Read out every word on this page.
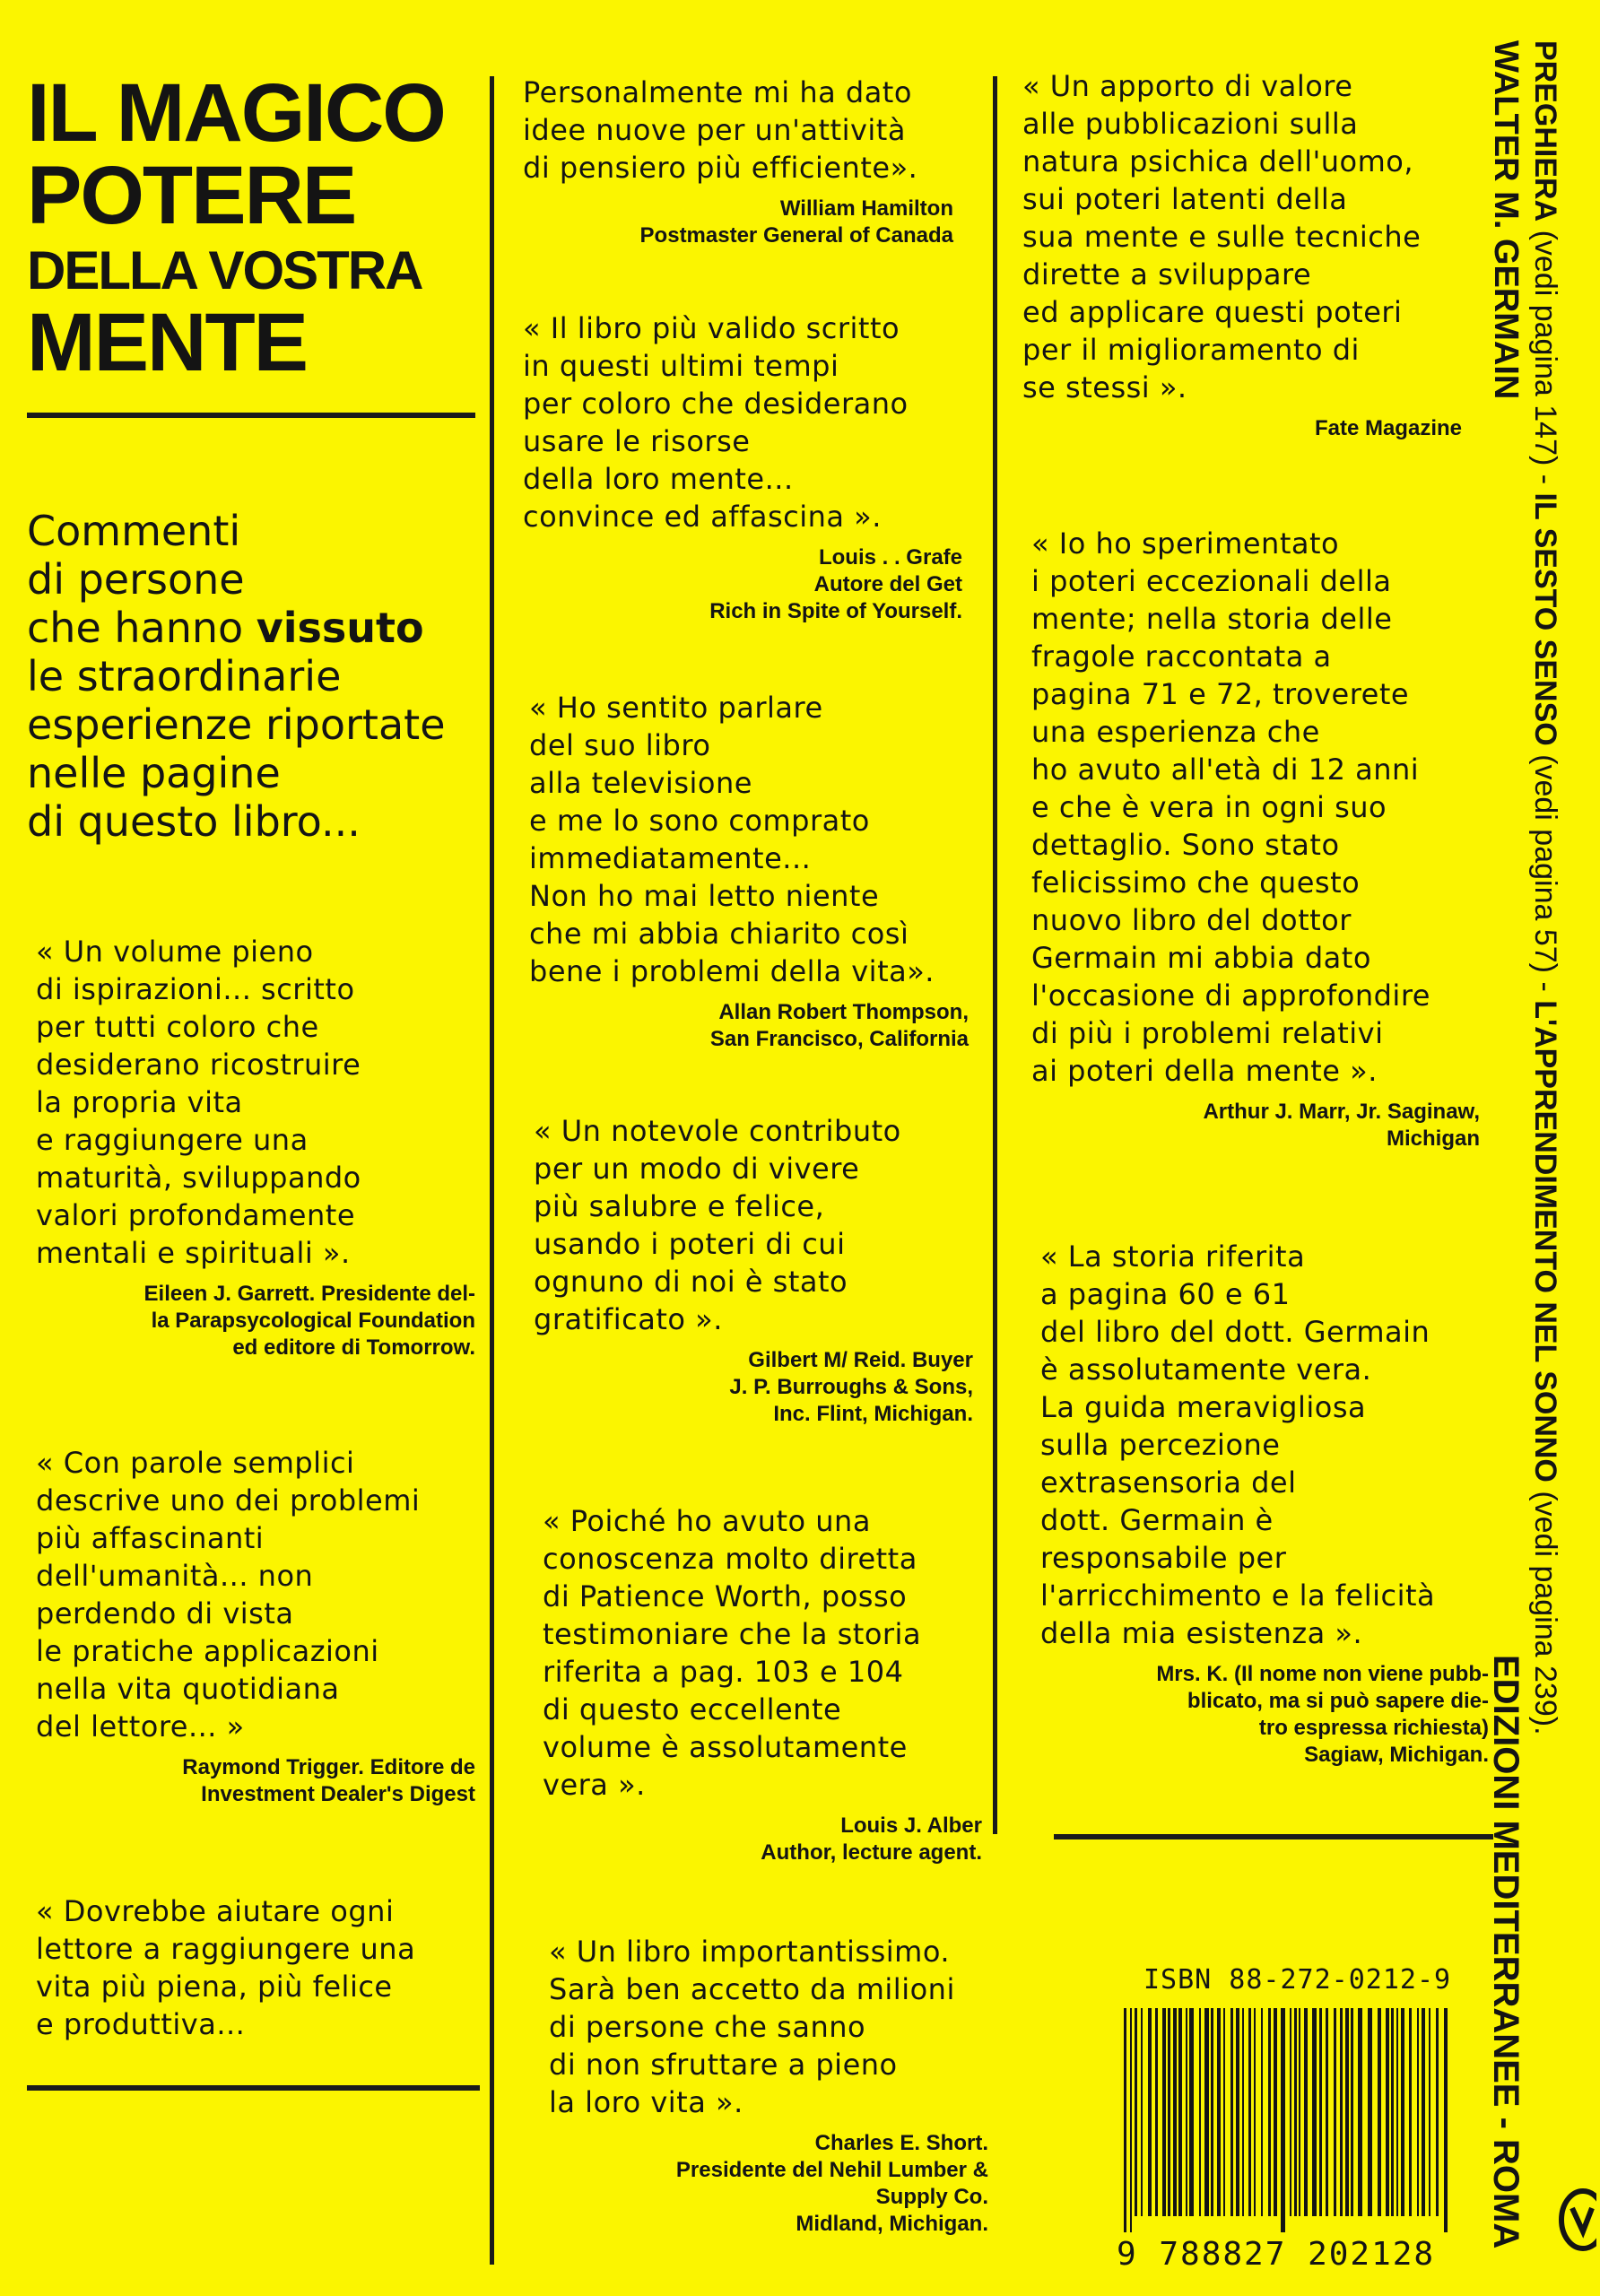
IL MAGICO
POTERE
DELLA VOSTRA
MENTE
Commenti
di persone
che hanno vissuto
le straordinarie
esperienze riportate
nelle pagine
di questo libro...
« Un volume pieno
di ispirazioni... scritto
per tutti coloro che
desiderano ricostruire
la propria vita
e raggiungere una
maturità, sviluppando
valori profondamente
mentali e spirituali ».
Eileen J. Garrett. Presidente del-
la Parapsycological Foundation
ed editore di Tomorrow.
« Con parole semplici
descrive uno dei problemi
più affascinanti
dell'umanità... non
perdendo di vista
le pratiche applicazioni
nella vita quotidiana
del lettore... »
Raymond Trigger. Editore de
Investment Dealer's Digest
« Dovrebbe aiutare ogni
lettore a raggiungere una
vita più piena, più felice
e produttiva...
Personalmente mi ha dato
idee nuove per un'attività
di pensiero più efficiente».
William Hamilton
Postmaster General of Canada
« Il libro più valido scritto
in questi ultimi tempi
per coloro che desiderano
usare le risorse
della loro mente...
convince ed affascina ».
Louis . . Grafe
Autore del Get
Rich in Spite of Yourself.
« Ho sentito parlare
del suo libro
alla televisione
e me lo sono comprato
immediatamente...
Non ho mai letto niente
che mi abbia chiarito così
bene i problemi della vita».
Allan Robert Thompson,
San Francisco, California
« Un notevole contributo
per un modo di vivere
più salubre e felice,
usando i poteri di cui
ognuno di noi è stato
gratificato ».
Gilbert M/ Reid. Buyer
J. P. Burroughs & Sons,
Inc. Flint, Michigan.
« Poiché ho avuto una
conoscenza molto diretta
di Patience Worth, posso
testimoniare che la storia
riferita a pag. 103 e 104
di questo eccellente
volume è assolutamente
vera ».
Louis J. Alber
Author, lecture agent.
« Un libro importantissimo.
Sarà ben accetto da milioni
di persone che sanno
di non sfruttare a pieno
la loro vita ».
Charles E. Short.
Presidente del Nehil Lumber &
Supply Co.
Midland, Michigan.
« Un apporto di valore
alle pubblicazioni sulla
natura psichica dell'uomo,
sui poteri latenti della
sua mente e sulle tecniche
dirette a sviluppare
ed applicare questi poteri
per il miglioramento di
se stessi ».
Fate Magazine
« Io ho sperimentato
i poteri eccezionali della
mente; nella storia delle
fragole raccontata a
pagina 71 e 72, troverete
una esperienza che
ho avuto all'età di 12 anni
e che è vera in ogni suo
dettaglio. Sono stato
felicissimo che questo
nuovo libro del dottor
Germain mi abbia dato
l'occasione di approfondire
di più i problemi relativi
ai poteri della mente ».
Arthur J. Marr, Jr. Saginaw,
Michigan
« La storia riferita
a pagina 60 e 61
del libro del dott. Germain
è assolutamente vera.
La guida meravigliosa
sulla percezione
extrasensoria del
dott. Germain è
responsabile per
l'arricchimento e la felicità
della mia esistenza ».
Mrs. K. (Il nome non viene pubb-
blicato, ma si può sapere die-
tro espressa richiesta)
Sagiaw, Michigan.
ISBN 88-272-0212-9
9 788827 202128
PREGHIERA (vedi pagina 147) - IL SESTO SENSO (vedi pagina 57) - L'APPRENDIMENTO NEL SONNO (vedi pagina 239).
WALTER M. GERMAIN
EDIZIONI MEDITERRANEE - ROMA
